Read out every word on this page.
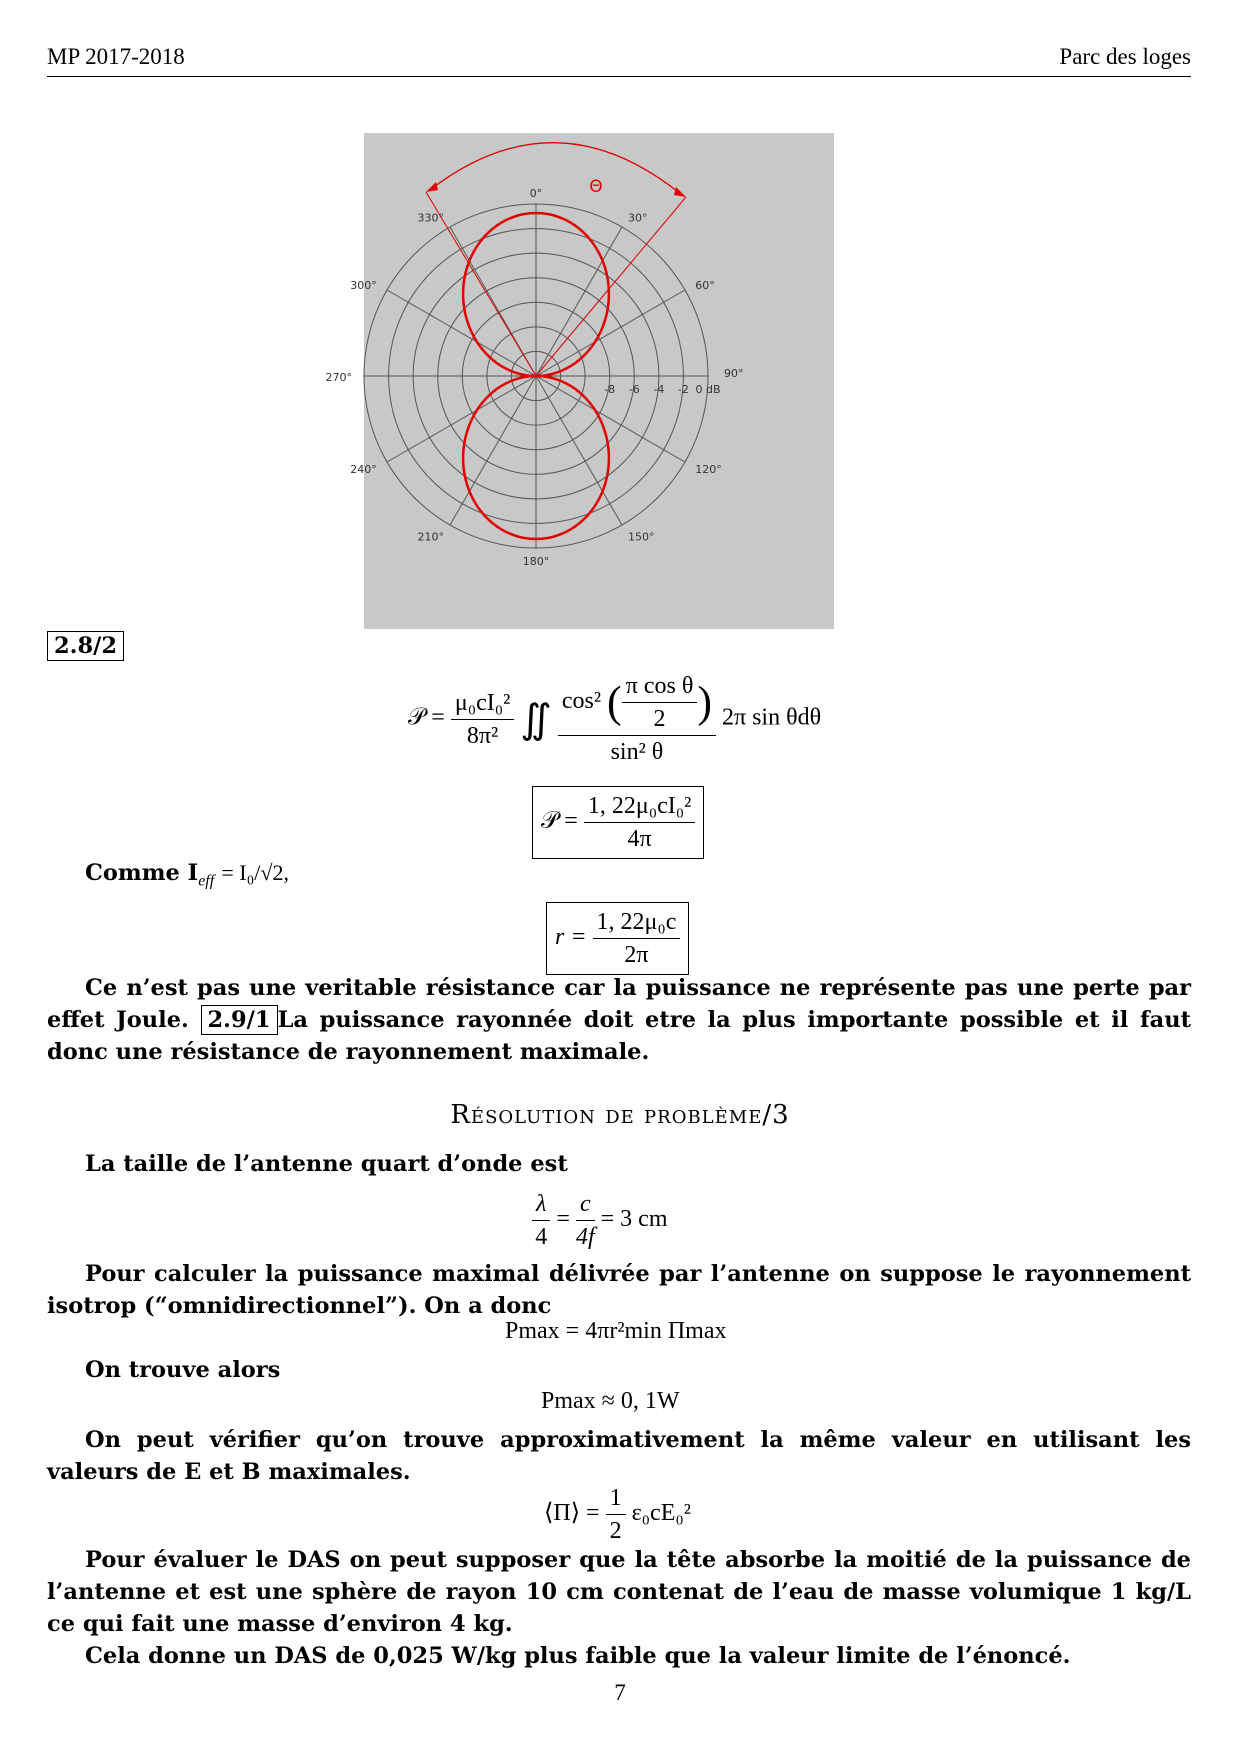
MP 2017-2018	Parc des loges
0°
30°
60°
90°
120°
150°
180°
210°
240°
270°
300°
330°
-8 -6 -4 -2 0 dB
Θ
2.8/2
𝒫 = $\frac{\text{μ₀cI₀²}}{\text{8π²}}$ ∬ $\frac{\cos^2 ( \frac{\text{π cos θ}}{2} )}{\text{sin² θ}} 2\pi$ sin θdθ
𝒫 = $\frac{\text{1, 22μ₀cI₀²}}{4\pi}$
Comme $I_{eff} = I_0/√2$,
$r = \frac{\text{1, 22μ₀c}}{2\pi}$
Ce n’est pas une veritable résistance car la puissance ne représente pas une perte par effet Joule. 2.9/1 La puissance rayonnée doit etre la plus importante possible et il faut donc une résistance de rayonnement maximale.
Résolution de problème/3
La taille de l’antenne quart d’onde est
$\frac{\lambda}{4} = \frac{c}{4f} = 3$ cm
Pour calculer la puissance maximal délivrée par l’antenne on suppose le rayonnement isotrop (“omnidirectionnel”). On a donc
Pmax = 4πr²min Πmax
On trouve alors
Pmax ≈ 0, 1W
On peut vérifier qu’on trouve approximativement la même valeur en utilisant les valeurs de E et B maximales.
⟨Π⟩ = $\frac{1}{2} \varepsilon_0cE_0^2$
Pour évaluer le DAS on peut supposer que la tête absorbe la moitié de la puissance de l’antenne et est une sphère de rayon 10 cm contenat de l’eau de masse volumique 1 kg/L ce qui fait une masse d’environ 4 kg.
Cela donne un DAS de 0,025 W/kg plus faible que la valeur limite de l’énoncé.
7
